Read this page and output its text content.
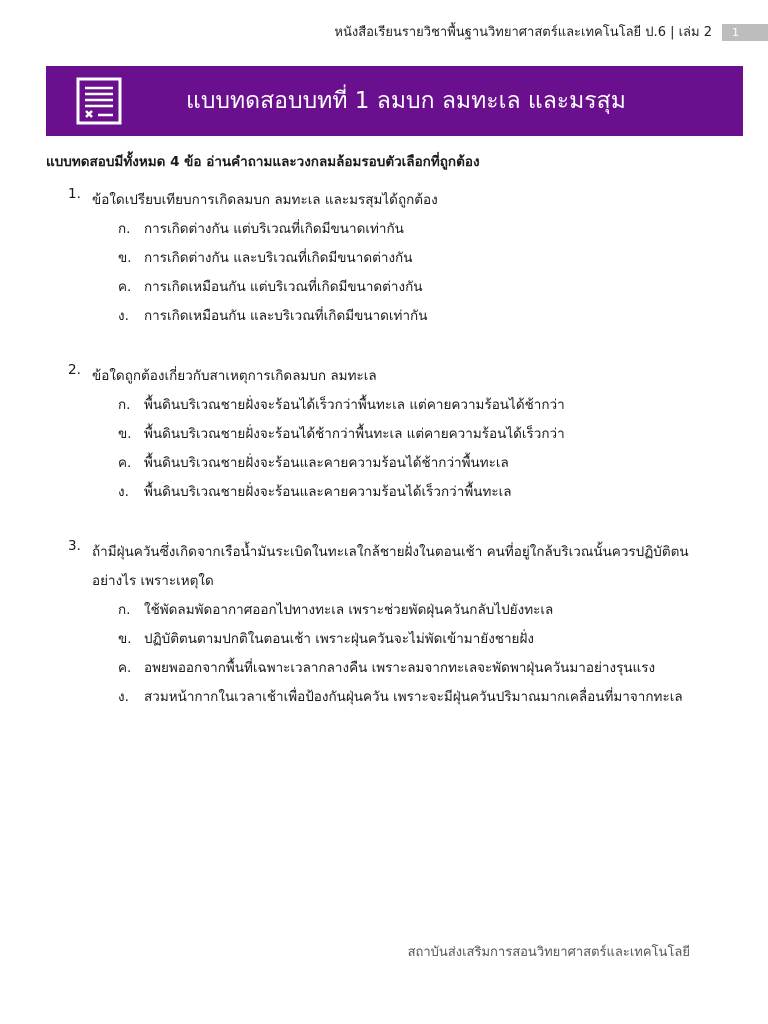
หนังสือเรียนรายวิชาพื้นฐานวิทยาศาสตร์และเทคโนโลยี ป.6 | เล่ม 2	1
แบบทดสอบบทที่ 1 ลมบก ลมทะเล และมรสุม
แบบทดสอบมีทั้งหมด 4 ข้อ อ่านคำถามและวงกลมล้อมรอบตัวเลือกที่ถูกต้อง
1. ข้อใดเปรียบเทียบการเกิดลมบก ลมทะเล และมรสุมได้ถูกต้อง
ก.	การเกิดต่างกัน แต่บริเวณที่เกิดมีขนาดเท่ากัน
ข. การเกิดต่างกัน และบริเวณที่เกิดมีขนาดต่างกัน
ค. การเกิดเหมือนกัน แต่บริเวณที่เกิดมีขนาดต่างกัน
ง.	การเกิดเหมือนกัน และบริเวณที่เกิดมีขนาดเท่ากัน
2. ข้อใดถูกต้องเกี่ยวกับสาเหตุการเกิดลมบก ลมทะเล
ก.	พื้นดินบริเวณชายฝั่งจะร้อนได้เร็วกว่าพื้นทะเล แต่คายความร้อนได้ช้ากว่า
ข. พื้นดินบริเวณชายฝั่งจะร้อนได้ช้ากว่าพื้นทะเล แต่คายความร้อนได้เร็วกว่า
ค. พื้นดินบริเวณชายฝั่งจะร้อนและคายความร้อนได้ช้ากว่าพื้นทะเล
ง.	พื้นดินบริเวณชายฝั่งจะร้อนและคายความร้อนได้เร็วกว่าพื้นทะเล
3. ถ้ามีฝุ่นควันซึ่งเกิดจากเรือน้ำมันระเบิดในทะเลใกล้ชายฝั่งในตอนเช้า คนที่อยู่ใกล้บริเวณนั้นควรปฏิบัติตน
อย่างไร เพราะเหตุใด
ก.	ใช้พัดลมพัดอากาศออกไปทางทะเล เพราะช่วยพัดฝุ่นควันกลับไปยังทะเล
ข. ปฏิบัติตนตามปกติในตอนเช้า เพราะฝุ่นควันจะไม่พัดเข้ามายังชายฝั่ง
ค. อพยพออกจากพื้นที่เฉพาะเวลากลางคืน เพราะลมจากทะเลจะพัดพาฝุ่นควันมาอย่างรุนแรง
ง.	สวมหน้ากากในเวลาเช้าเพื่อป้องกันฝุ่นควัน เพราะจะมีฝุ่นควันปริมาณมากเคลื่อนที่มาจากทะเล
สถาบันส่งเสริมการสอนวิทยาศาสตร์และเทคโนโลยี
